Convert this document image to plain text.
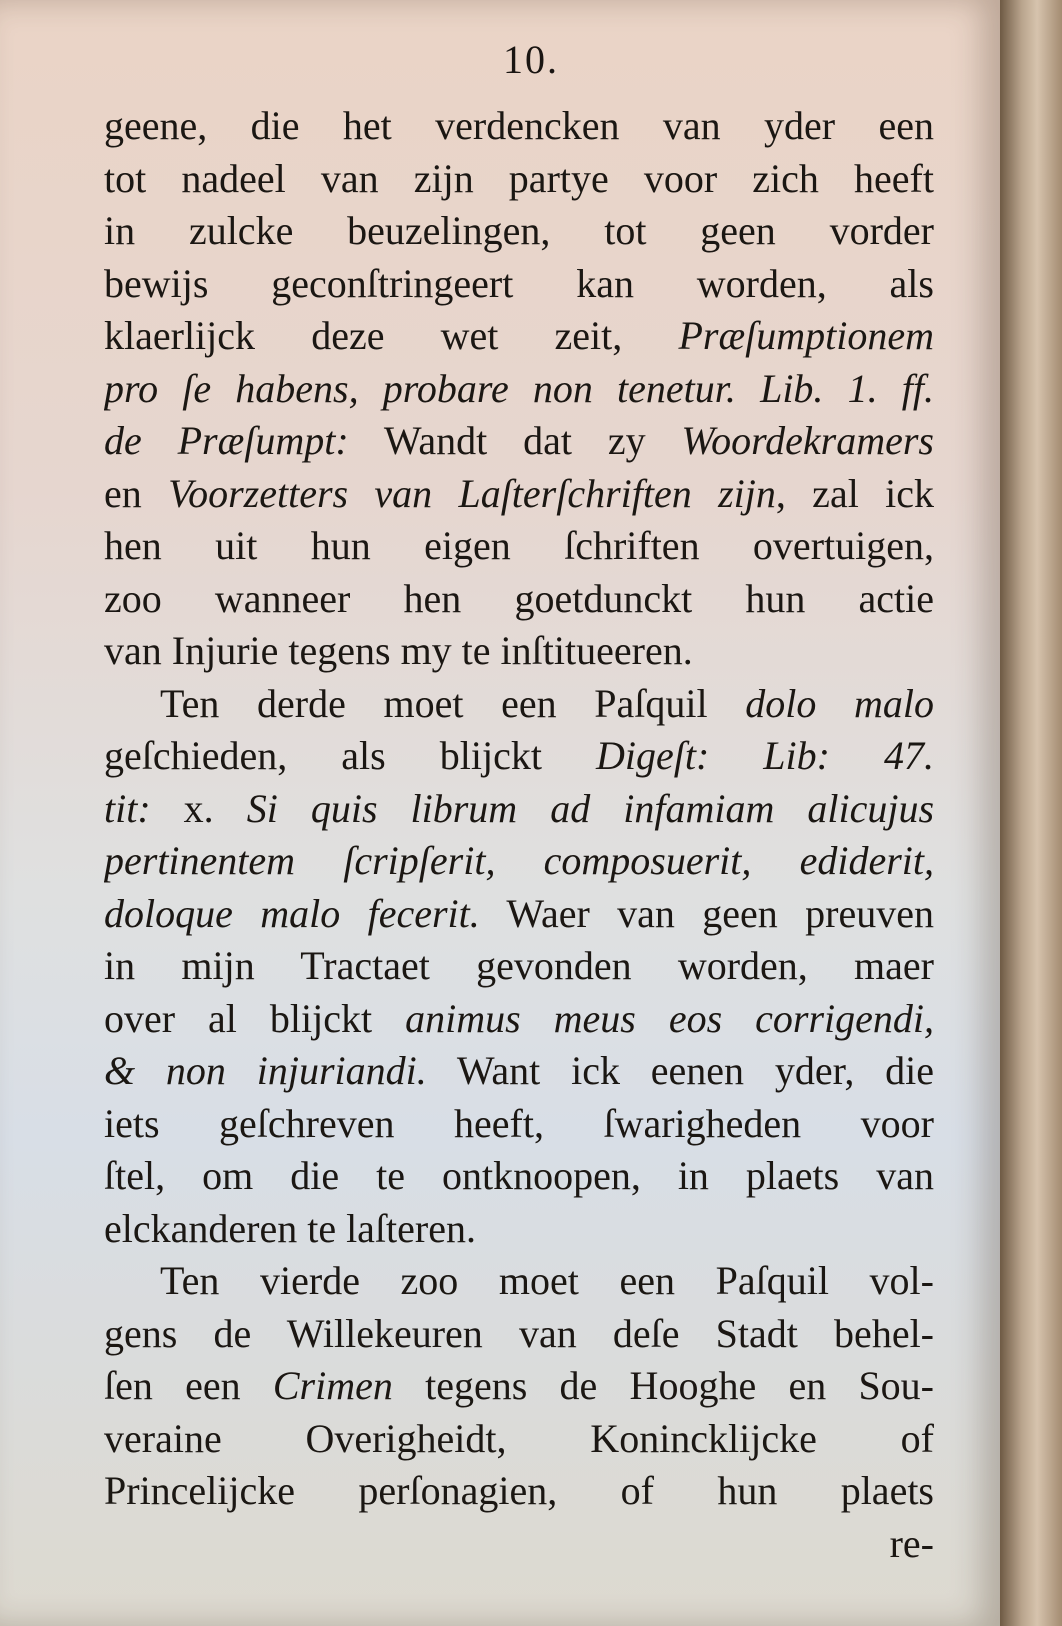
10.
geene, die het verdencken van yder een
tot nadeel van zijn partye voor zich heeft
in zulcke beuzelingen, tot geen vorder
bewijs geconſtringeert kan worden, als
klaerlijck deze wet zeit, Præſumptionem
pro ſe habens, probare non tenetur. Lib. 1. ff.
de Præſumpt: Wandt dat zy Woordekramers
en Voorzetters van Laſterſchriften zijn, zal ick
hen uit hun eigen ſchriften overtuigen,
zoo wanneer hen goetdunckt hun actie
van Injurie tegens my te inſtitueeren.
Ten derde moet een Paſquil dolo malo
geſchieden, als blijckt Digeſt: Lib: 47.
tit: x. Si quis librum ad infamiam alicujus
pertinentem ſcripſerit, composuerit, ediderit,
doloque malo fecerit. Waer van geen preuven
in mijn Tractaet gevonden worden, maer
over al blijckt animus meus eos corrigendi,
& non injuriandi. Want ick eenen yder, die
iets geſchreven heeft, ſwarigheden voor
ſtel, om die te ontknoopen, in plaets van
elckanderen te laſteren.
Ten vierde zoo moet een Paſquil vol-
gens de Willekeuren van deſe Stadt behel-
ſen een Crimen tegens de Hooghe en Sou-
veraine Overigheidt, Koninckliјcke of
Princelijcke perſonagien, of hun plaets
re-
